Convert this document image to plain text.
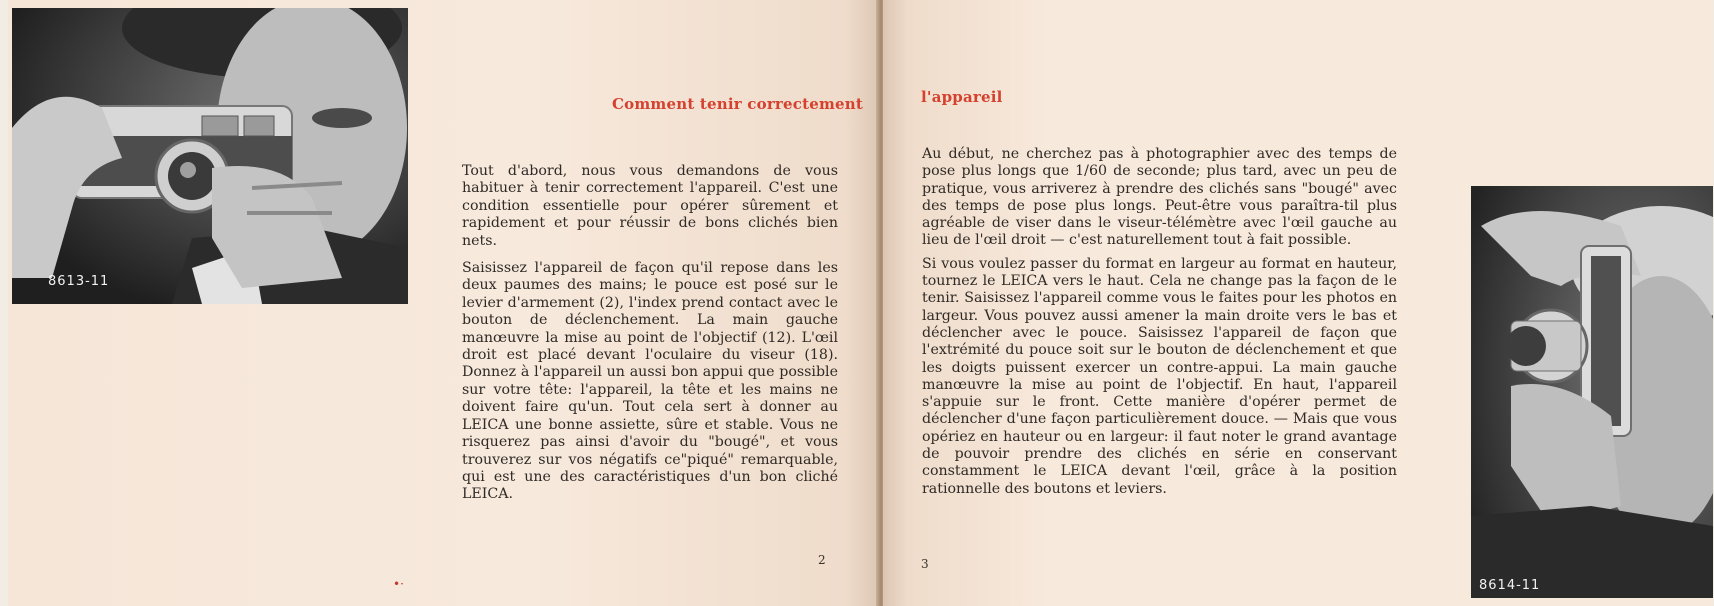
8613-11
Comment tenir correctement

Tout d'abord, nous vous demandons de vous habituer à tenir correctement l'appareil. C'est une condition essentielle pour opérer sûrement et rapidement et pour réussir de bons clichés bien nets.

Saisissez l'appareil de façon qu'il repose dans les deux paumes des mains; le pouce est posé sur le levier d'armement (2), l'index prend contact avec le bouton de déclenchement. La main gauche manœuvre la mise au point de l'objectif (12). L'œil droit est placé devant l'oculaire du viseur (18). Donnez à l'appareil un aussi bon appui que possible sur votre tête: l'appareil, la tête et les mains ne doivent faire qu'un. Tout cela sert à donner au LEICA une bonne assiette, sûre et stable. Vous ne risquerez pas ainsi d'avoir du "bougé", et vous trouverez sur vos négatifs ce"piqué" remarquable, qui est une des caractéristiques d'un bon cliché LEICA.

2
•·
l'appareil

Au début, ne cherchez pas à photographier avec des temps de pose plus longs que 1/60 de seconde; plus tard, avec un peu de pratique, vous arriverez à prendre des clichés sans "bougé" avec des temps de pose plus longs. Peut-être vous paraîtra-til plus agréable de viser dans le viseur-télémètre avec l'œil gauche au lieu de l'œil droit — c'est naturellement tout à fait possible.

Si vous voulez passer du format en largeur au format en hauteur, tournez le LEICA vers le haut. Cela ne change pas la façon de le tenir. Saisissez l'appareil comme vous le faites pour les photos en largeur. Vous pouvez aussi amener la main droite vers le bas et déclencher avec le pouce. Saisissez l'appareil de façon que l'extrémité du pouce soit sur le bouton de déclenchement et que les doigts puissent exercer un contre-appui. La main gauche manœuvre la mise au point de l'objectif. En haut, l'appareil s'appuie sur le front. Cette manière d'opérer permet de déclencher d'une façon particulièrement douce. — Mais que vous opériez en hauteur ou en largeur: il faut noter le grand avantage de pouvoir prendre des clichés en série en conservant constamment le LEICA devant l'œil, grâce à la position rationnelle des boutons et leviers.

8614-11
3
